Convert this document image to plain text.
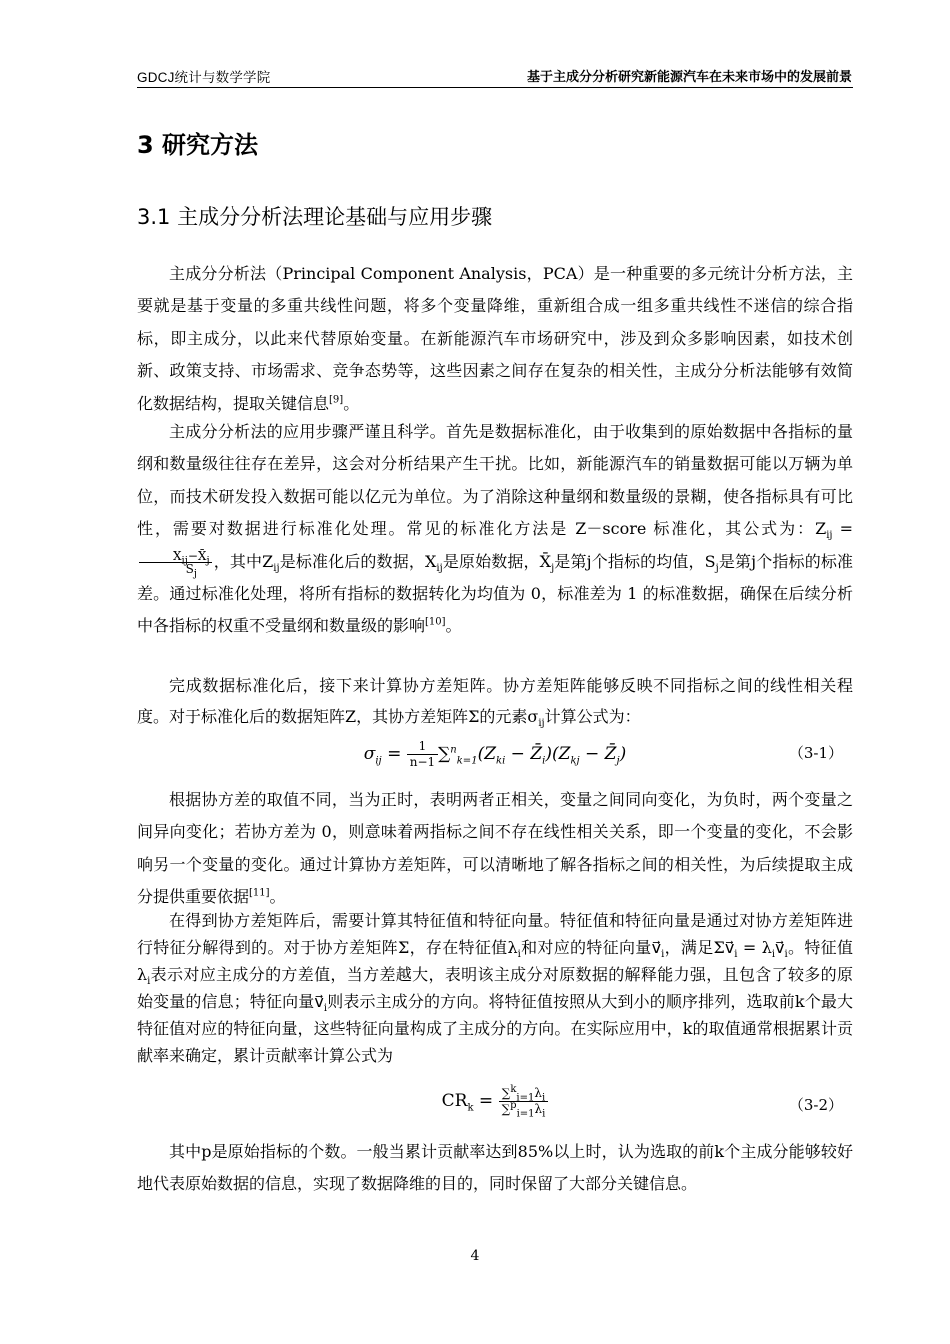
GDCJ统计与数学学院	基于主成分分析研究新能源汽车在未来市场中的发展前景
3 研究方法
3.1 主成分分析法理论基础与应用步骤

主成分分析法（Principal Component Analysis，PCA）是一种重要的多元统计分析方法，主要就是基于变量的多重共线性问题，将多个变量降维，重新组合成一组多重共线性不迷信的综合指标，即主成分，以此来代替原始变量。在新能源汽车市场研究中，涉及到众多影响因素，如技术创新、政策支持、市场需求、竞争态势等，这些因素之间存在复杂的相关性，主成分分析法能够有效简化数据结构，提取关键信息[9]。

主成分分析法的应用步骤严谨且科学。首先是数据标准化，由于收集到的原始数据中各指标的量纲和数量级往往存在差异，这会对分析结果产生干扰。比如，新能源汽车的销量数据可能以万辆为单位，而技术研发投入数据可能以亿元为单位。为了消除这种量纲和数量级的景糊，使各指标具有可比性，需要对数据进行标准化处理。常见的标准化方法是 Z－score 标准化，其公式为：$Z_{ij}$ =
$\frac{X_{ij}-X̄_j}{S_j}$ ，其中$Z_{ij}$是标准化后的数据，$X_{ij}$是原始数据，$X̄_j$是第j个指标的均值，$S_j$是第j个指标的标准差。通过标准化处理，将所有指标的数据转化为均值为 0，标准差为 1 的标准数据，确保在后续分析中各指标的权重不受量纲和数量级的影响[10]。

完成数据标准化后，接下来计算协方差矩阵。协方差矩阵能够反映不同指标之间的线性相关程度。对于标准化后的数据矩阵Z，其协方差矩阵Σ的元素$\sigma_{ij}$计算公式为：

$\sigma_{ij} = \frac{1}{n-1} \sum^n_{k=1}(Z_{ki}$ − $Z̄_i)(Z_{kj}$ − $Z̄_j$)	（3-1）

根据协方差的取值不同，当为正时，表明两者正相关，变量之间同向变化，为负时，两个变量之间异向变化；若协方差为 0，则意味着两指标之间不存在线性相关关系，即一个变量的变化，不会影响另一个变量的变化。通过计算协方差矩阵，可以清晰地了解各指标之间的相关性，为后续提取主成分提供重要依据[11]。

在得到协方差矩阵后，需要计算其特征值和特征向量。特征值和特征向量是通过对协方差矩阵进行特征分解得到的。对于协方差矩阵Σ，存在特征值$\lambda_i$和对应的特征向量$v⃗_i$，满足$\Sigma v⃗_i$ = $\lambda_iv⃗_i$。特征值$\lambda_i$表示对应主成分的方差值，当方差越大，表明该主成分对原数据的解释能力强，且包含了较多的原始变量的信息；特征向量$v⃗_i$则表示主成分的方向。将特征值按照从大到小的顺序排列，选取前k个最大特征值对应的特征向量，这些特征向量构成了主成分的方向。在实际应用中，k的取值通常根据累计贡献率来确定，累计贡献率计算公式为

$CR_k = \frac{\sum^k_{i=1}\lambda_i}{\sum^p_{i=1}\lambda_i}$	（3-2）

其中p是原始指标的个数。一般当累计贡献率达到85%以上时，认为选取的前k个主成分能够较好地代表原始数据的信息，实现了数据降维的目的，同时保留了大部分关键信息。

4
